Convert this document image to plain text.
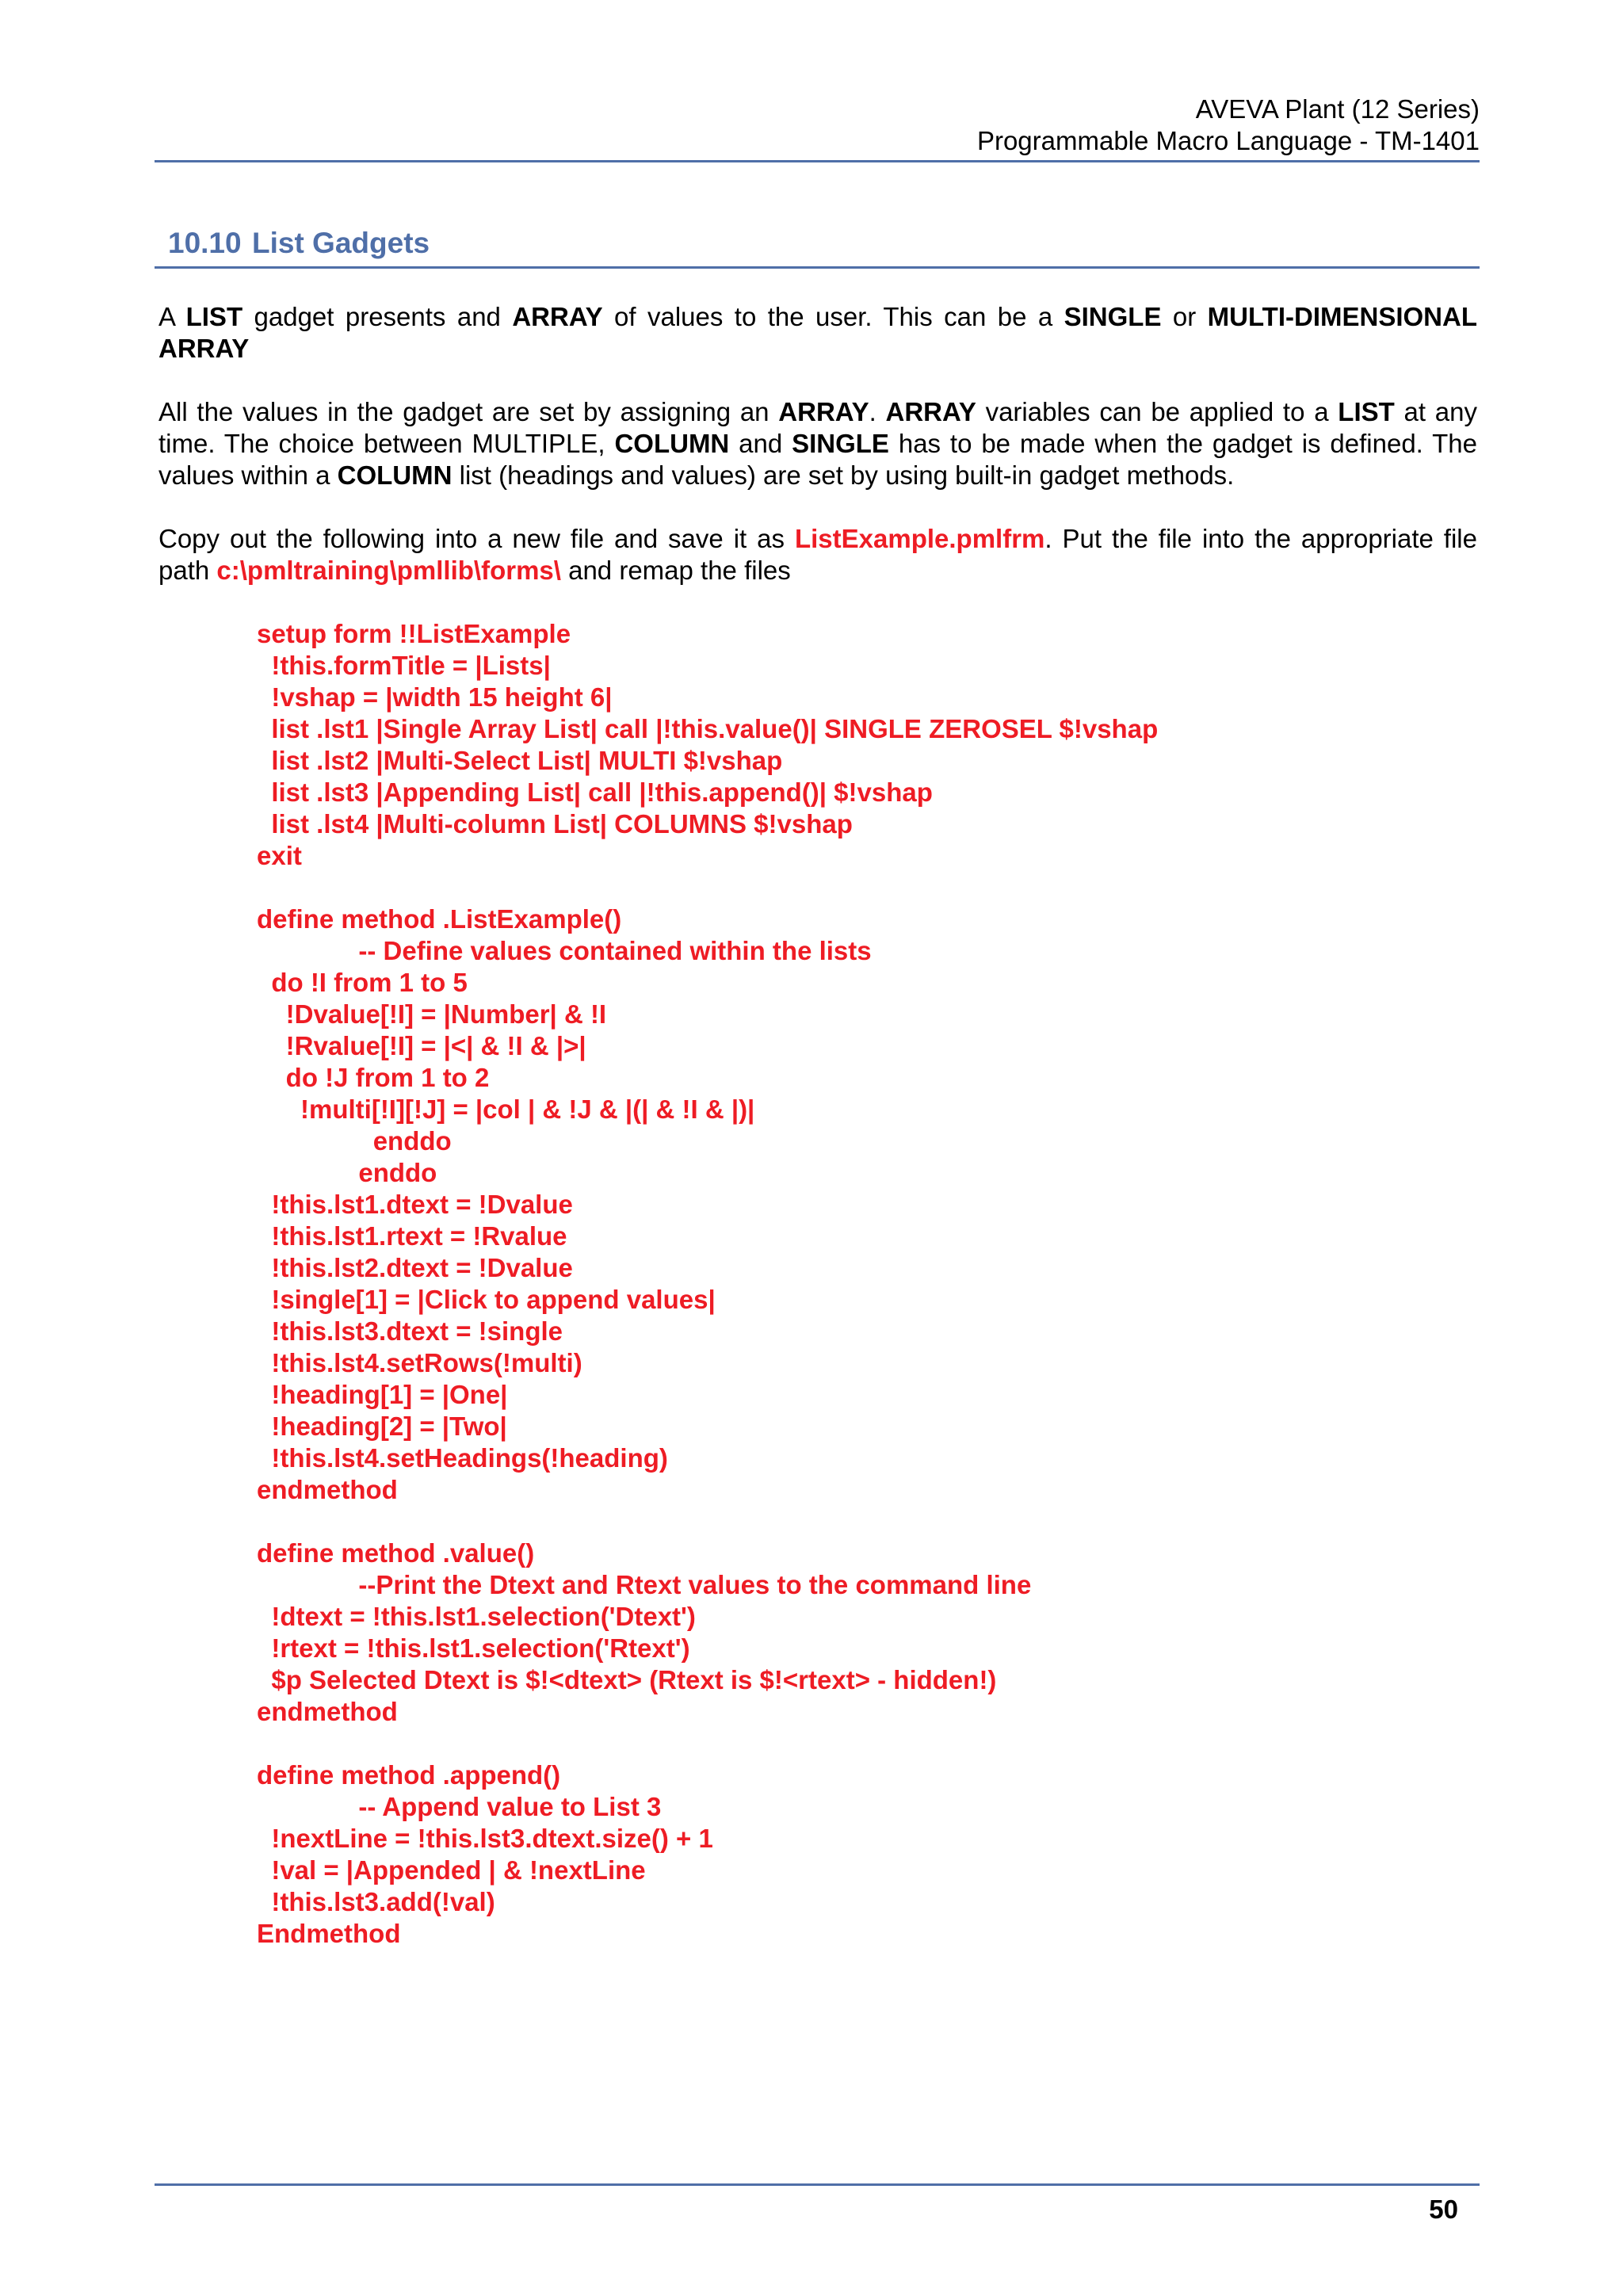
AVEVA Plant (12 Series)
Programmable Macro Language - TM-1401
10.10 List Gadgets
A LIST gadget presents and ARRAY of values to the user. This can be a SINGLE or MULTI-DIMENSIONAL ARRAY
All the values in the gadget are set by assigning an ARRAY. ARRAY variables can be applied to a LIST at any time. The choice between MULTIPLE, COLUMN and SINGLE has to be made when the gadget is defined. The values within a COLUMN list (headings and values) are set by using built-in gadget methods.
Copy out the following into a new file and save it as ListExample.pmlfrm. Put the file into the appropriate file path c:\pmltraining\pmllib\forms\ and remap the files
setup form !!ListExample
!this.formTitle = |Lists|
!vshap = |width 15 height 6|
list .lst1 |Single Array List| call |!this.value()| SINGLE ZEROSEL $!vshap
list .lst2 |Multi-Select List| MULTI $!vshap
list .lst3 |Appending List| call |!this.append()| $!vshap
list .lst4 |Multi-column List| COLUMNS $!vshap
exit
define method .ListExample()
-- Define values contained within the lists
do !I from 1 to 5
!Dvalue[!I] = |Number| & !I
!Rvalue[!I] = |<| & !I & |>|
do !J from 1 to 2
!multi[!I][!J] = |col | & !J & |(| & !I & |)|
enddo
enddo
!this.lst1.dtext = !Dvalue
!this.lst1.rtext = !Rvalue
!this.lst2.dtext = !Dvalue
!single[1] = |Click to append values|
!this.lst3.dtext = !single
!this.lst4.setRows(!multi)
!heading[1] = |One|
!heading[2] = |Two|
!this.lst4.setHeadings(!heading)
endmethod
define method .value()
--Print the Dtext and Rtext values to the command line
!dtext = !this.lst1.selection('Dtext')
!rtext = !this.lst1.selection('Rtext')
$p Selected Dtext is $!<dtext> (Rtext is $!<rtext> - hidden!)
endmethod
define method .append()
-- Append value to List 3
!nextLine = !this.lst3.dtext.size() + 1
!val = |Appended | & !nextLine
!this.lst3.add(!val)
Endmethod
50
